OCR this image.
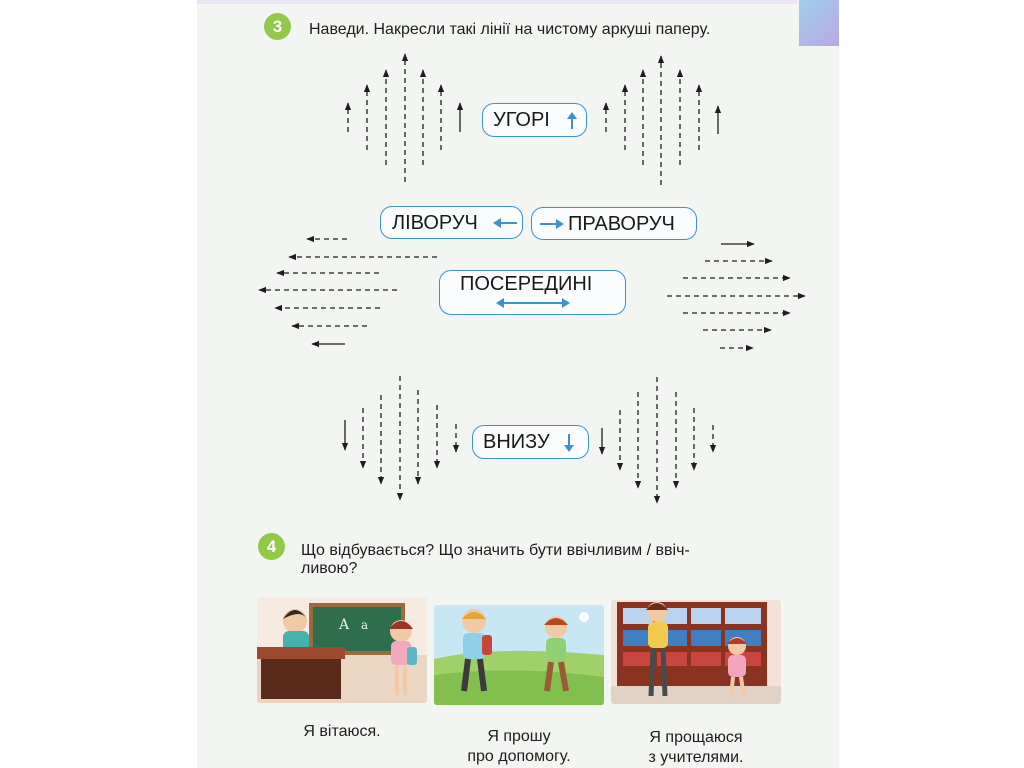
3	Наведи. Накресли такі лінії на чистому аркуші паперу.
УГОРІ
ЛІВОРУЧ	ПРАВОРУЧ
ПОСЕРЕДИНІ
ВНИЗУ
4	Що відбувається? Що значить бути ввічливим / ввіч-
ливою?
A a
Я вітаюся.	Я прошу
про допомогу.
Я прощаюся
з учителями.
